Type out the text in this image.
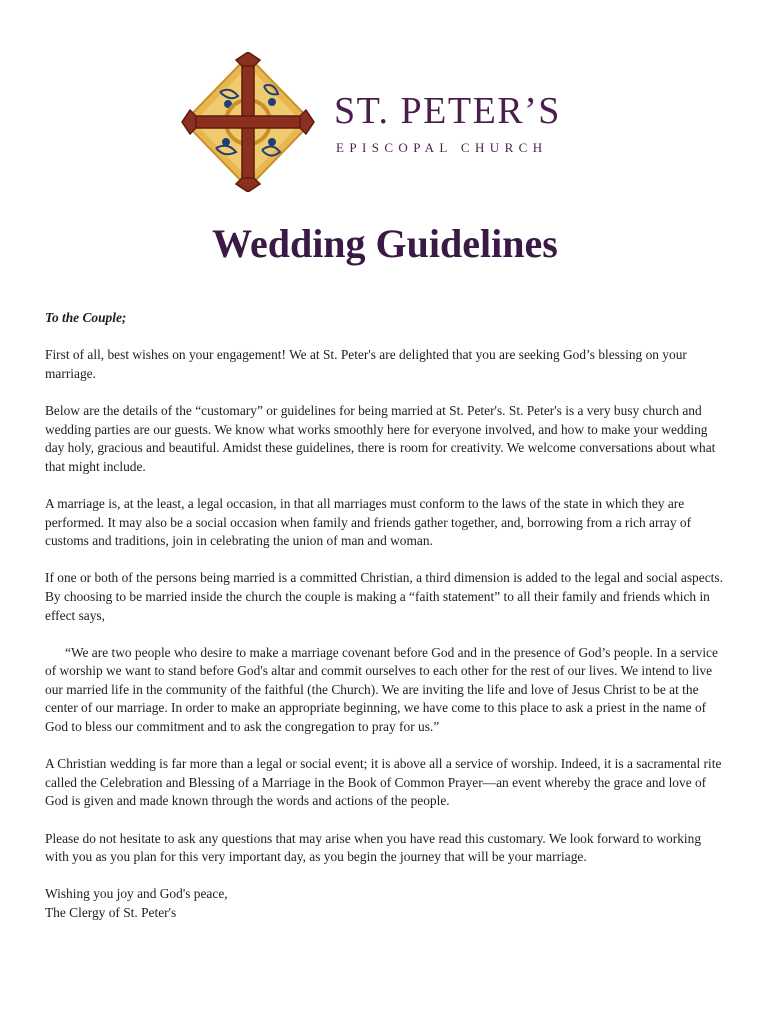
ST. PETER’S
EPISCOPAL CHURCH
Wedding Guidelines

To the Couple;

First of all, best wishes on your engagement! We at St. Peter's are delighted that you are seeking God’s blessing on your marriage.

Below are the details of the “customary” or guidelines for being married at St. Peter's. St. Peter's is a very busy church and wedding parties are our guests. We know what works smoothly here for everyone involved, and how to make your wedding day holy, gracious and beautiful. Amidst these guidelines, there is room for creativity. We welcome conversations about what that might include.

A marriage is, at the least, a legal occasion, in that all marriages must conform to the laws of the state in which they are performed. It may also be a social occasion when family and friends gather together, and, borrowing from a rich array of customs and traditions, join in celebrating the union of man and woman.

If one or both of the persons being married is a committed Christian, a third dimension is added to the legal and social aspects. By choosing to be married inside the church the couple is making a “faith statement” to all their family and friends which in effect says,

“We are two people who desire to make a marriage covenant before God and in the presence of God’s people. In a service of worship we want to stand before God's altar and commit ourselves to each other for the rest of our lives. We intend to live our married life in the community of the faithful (the Church). We are inviting the life and love of Jesus Christ to be at the center of our marriage. In order to make an appropriate beginning, we have come to this place to ask a priest in the name of God to bless our commitment and to ask the congregation to pray for us.”

A Christian wedding is far more than a legal or social event; it is above all a service of worship. Indeed, it is a sacramental rite called the Celebration and Blessing of a Marriage in the Book of Common Prayer—an event whereby the grace and love of God is given and made known through the words and actions of the people.

Please do not hesitate to ask any questions that may arise when you have read this customary. We look forward to working with you as you plan for this very important day, as you begin the journey that will be your marriage.

Wishing you joy and God's peace,

The Clergy of St. Peter's
